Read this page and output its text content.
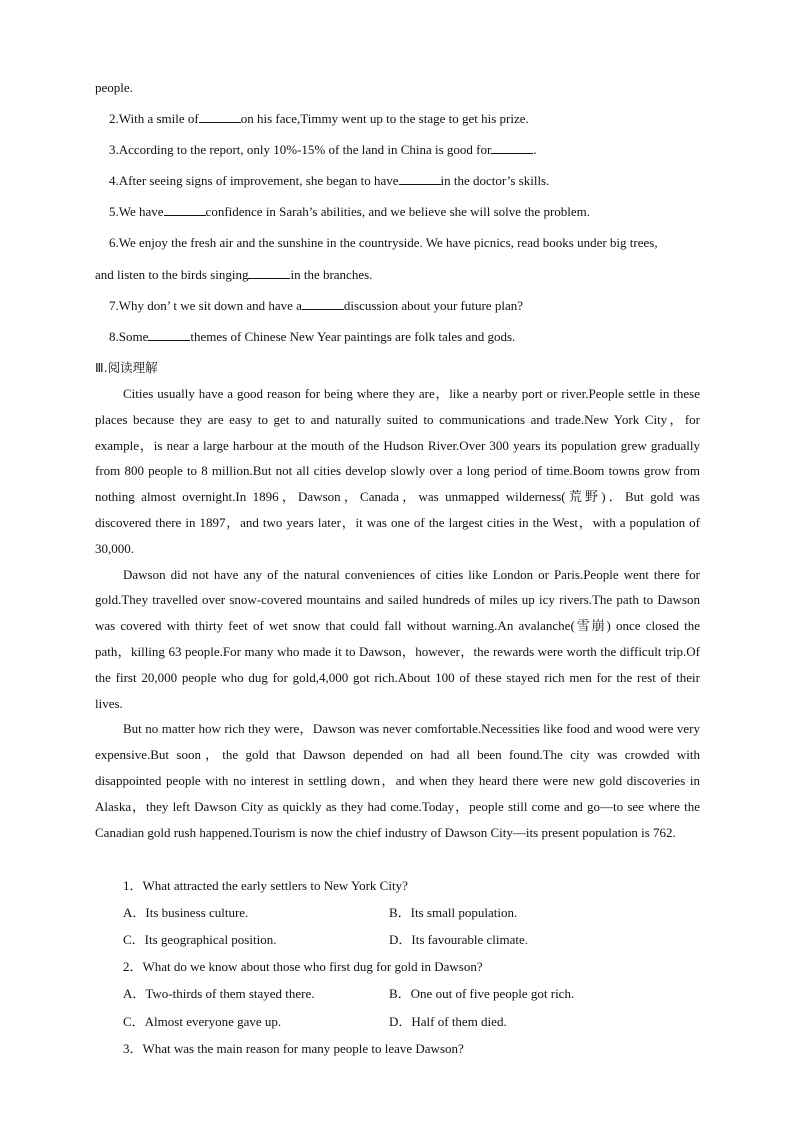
people.
2.With a smile of	on his face,Timmy went up to the stage to get his prize.
3.According to the report, only 10%-15% of the land in China is good for	.
4.After seeing signs of improvement, she began to have	in the doctor’s skills.
5.We have	confidence in Sarah’s abilities, and we believe she will solve the problem.
6.We enjoy the fresh air and the sunshine in the countryside. We have picnics, read books under big trees,
and listen to the birds singing	in the branches.
7.Why don’ t we sit down and have a	discussion about your future plan?
8.Some	themes of Chinese New Year paintings are folk tales and gods.
Ⅲ.阅读理解

Cities usually have a good reason for being where they are，like a nearby port or river.People settle in these places because they are easy to get to and naturally suited to communications and trade.New York City，for example，is near a large harbour at the mouth of the Hudson River.Over 300 years its population grew gradually from 800 people to 8 million.But not all cities develop slowly over a long period of time.Boom towns grow from nothing almost overnight.In 1896，Dawson，Canada，was unmapped wilderness(荒野)．But gold was discovered there in 1897，and two years later，it was one of the largest cities in the West，with a population of 30,000.

Dawson did not have any of the natural conveniences of cities like London or Paris.People went there for gold.They travelled over snow-covered mountains and sailed hundreds of miles up icy rivers.The path to Dawson was covered with thirty feet of wet snow that could fall without warning.An avalanche(雪崩) once closed the path，killing 63 people.For many who made it to Dawson，however，the rewards were worth the difficult trip.Of the first 20,000 people who dug for gold,4,000 got rich.About 100 of these stayed rich men for the rest of their lives.

But no matter how rich they were，Dawson was never comfortable.Necessities like food and wood were very expensive.But soon，the gold that Dawson depended on had all been found.The city was crowded with disappointed people with no interest in settling down，and when they heard there were new gold discoveries in Alaska，they left Dawson City as quickly as they had come.Today，people still come and go—to see where the Canadian gold rush happened.Tourism is now the chief industry of Dawson City—its present population is 762.

1．What attracted the early settlers to New York City?
A．Its business culture.	B．Its small population.
C．Its geographical position.	D．Its favourable climate.
2．What do we know about those who first dug for gold in Dawson?
A．Two-thirds of them stayed there.	B．One out of five people got rich.
C．Almost everyone gave up.	D．Half of them died.
3．What was the main reason for many people to leave Dawson?
